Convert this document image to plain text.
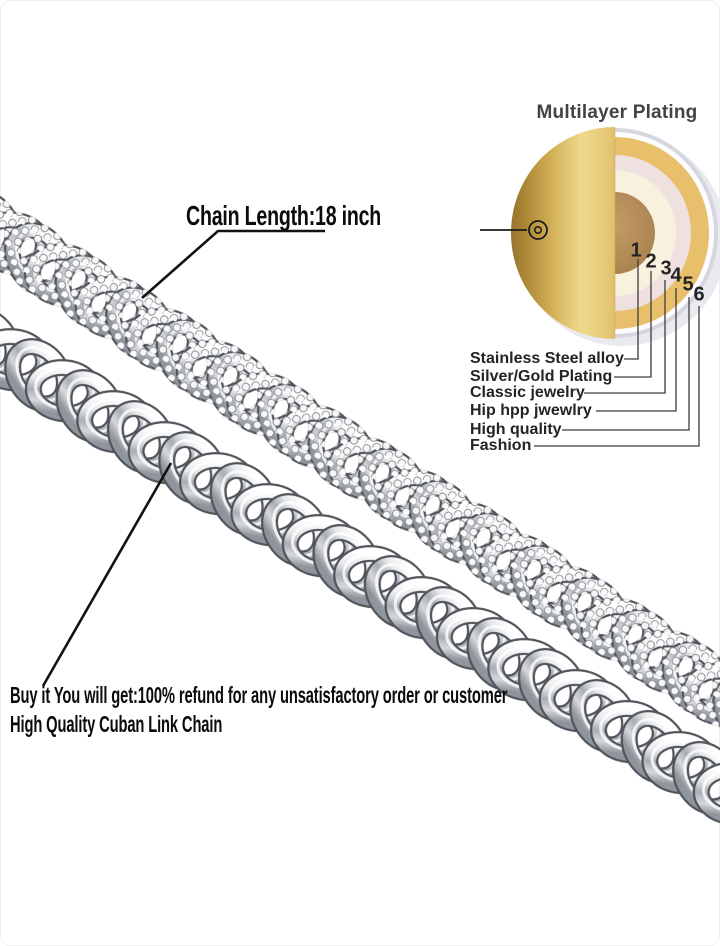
Multilayer Plating
Chain Length:18 inch
1 2 3
4 5 6
Stainless Steel alloy
Silver/Gold Plating
Classic jewelry
Hip hpp jwewlry
High quality
Fashion
Buy it You will get:100% refund for any unsatisfactory order or customer
High Quality Cuban Link Chain
